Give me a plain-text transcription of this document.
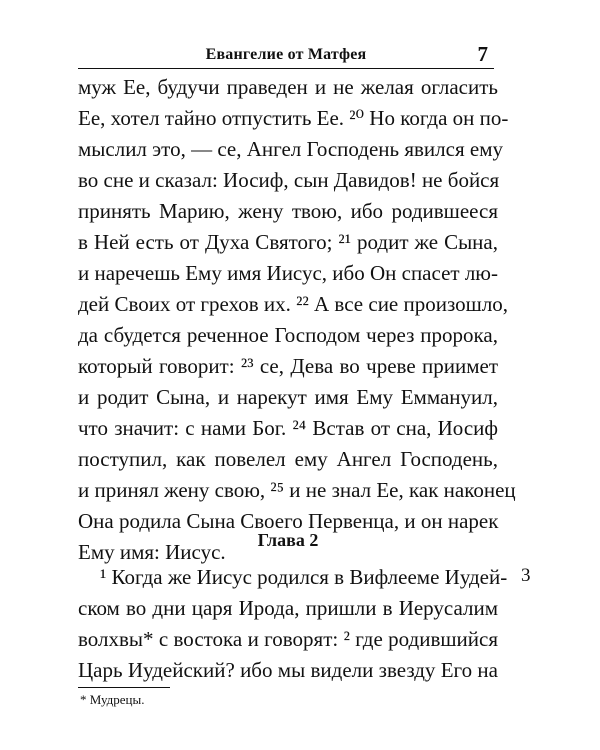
Евангелие от Матфея	7
муж Ее, будучи праведен и не желая огласить
Ее, хотел тайно отпустить Ее. ²⁰ Но когда он по-
мыслил это, — се, Ангел Господень явился ему
во сне и сказал: Иосиф, сын Давидов! не бойся
принять Марию, жену твою, ибо родившееся
в Ней есть от Духа Святого; ²¹ родит же Сына,
и наречешь Ему имя Иисус, ибо Он спасет лю-
дей Своих от грехов их. ²² А все сие произошло,
да сбудется реченное Господом через пророка,
который говорит: ²³ се, Дева во чреве приимет
и родит Сына, и нарекут имя Ему Еммануил,
что значит: с нами Бог. ²⁴ Встав от сна, Иосиф
поступил, как повелел ему Ангел Господень,
и принял жену свою, ²⁵ и не знал Ее, как наконец
Она родила Сына Своего Первенца, и он нарек
Ему имя: Иисус.	Глава 2
¹ Когда же Иисус родился в Вифлееме Иудей-
ском во дни царя Ирода, пришли в Иерусалим
волхвы* с востока и говорят: ² где родившийся
Царь Иудейский? ибо мы видели звезду Его на
3
* Мудрецы.
